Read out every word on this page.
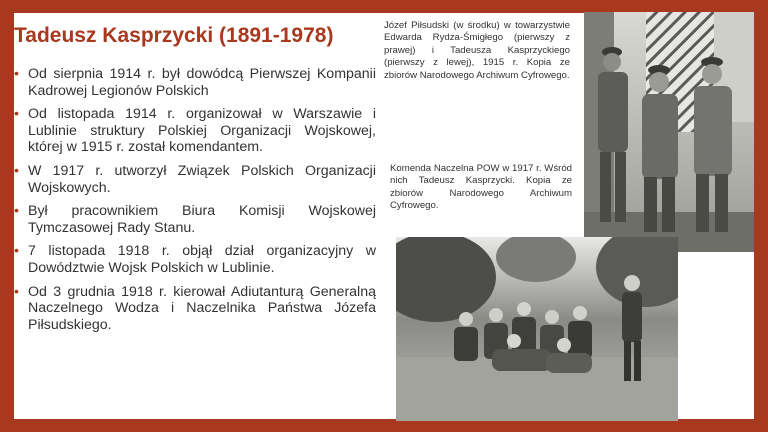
Tadeusz Kasprzycki (1891-1978)
• Od sierpnia 1914 r. był dowódcą Pierwszej Kompanii Kadrowej Legionów Polskich
• Od listopada 1914 r. organizował w Warszawie i Lublinie struktury Polskiej Organizacji Wojskowej, której w 1915 r. został komendantem.
• W 1917 r. utworzył Związek Polskich Organizacji Wojskowych.
• Był pracownikiem Biura Komisji Wojskowej Tymczasowej Rady Stanu.
• 7 listopada 1918 r. objął dział organizacyjny w Dowództwie Wojsk Polskich w Lublinie.
• Od 3 grudnia 1918 r. kierował Adiutanturą Generalną Naczelnego Wodza i Naczelnika Państwa Józefa Piłsudskiego.
Józef Piłsudski (w środku) w towarzystwie Edwarda Rydza-Śmigłego (pierwszy z prawej) i Tadeusza Kasprzyckiego (pierwszy z lewej), 1915 r. Kopia ze zbiorów Narodowego Archiwum Cyfrowego.
Komenda Naczelna POW w 1917 r. Wśród nich Tadeusz Kasprzycki. Kopia ze zbiorów Narodowego Archiwum Cyfrowego.
